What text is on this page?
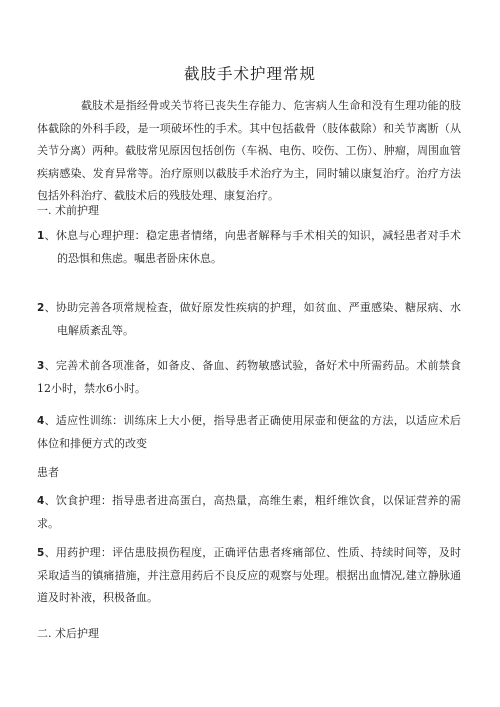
截肢手术护理常规

截肢术是指经骨或关节将已丧失生存能力、危害病人生命和没有生理功能的肢体截除的外科手段，是一项破坏性的手术。其中包括截骨（肢体截除）和关节离断（从关节分离）两种。截肢常见原因包括创伤（车祸、电伤、咬伤、工伤）、肿瘤，周围血管疾病感染、发育异常等。治疗原则以截肢手术治疗为主，同时辅以康复治疗。治疗方法包括外科治疗、截肢术后的残肢处理、康复治疗。

一. 术前护理

1、休息与心理护理：稳定患者情绪，向患者解释与手术相关的知识，减轻患者对手术的恐惧和焦虑。嘱患者卧床休息。

2、协助完善各项常规检查，做好原发性疾病的护理，如贫血、严重感染、糖尿病、水电解质紊乱等。

3、完善术前各项准备，如备皮、备血、药物敏感试验，备好术中所需药品。术前禁食12小时，禁水6小时。

4、适应性训练：训练床上大小便，指导患者正确使用尿壶和便盆的方法，以适应术后体位和排便方式的改变

患者

4、饮食护理：指导患者进高蛋白，高热量，高维生素，粗纤维饮食，以保证营养的需求。

5、用药护理：评估患肢损伤程度，正确评估患者疼痛部位、性质、持续时间等，及时采取适当的镇痛措施，并注意用药后不良反应的观察与处理。根据出血情况,建立静脉通道及时补液，积极备血。

二. 术后护理
